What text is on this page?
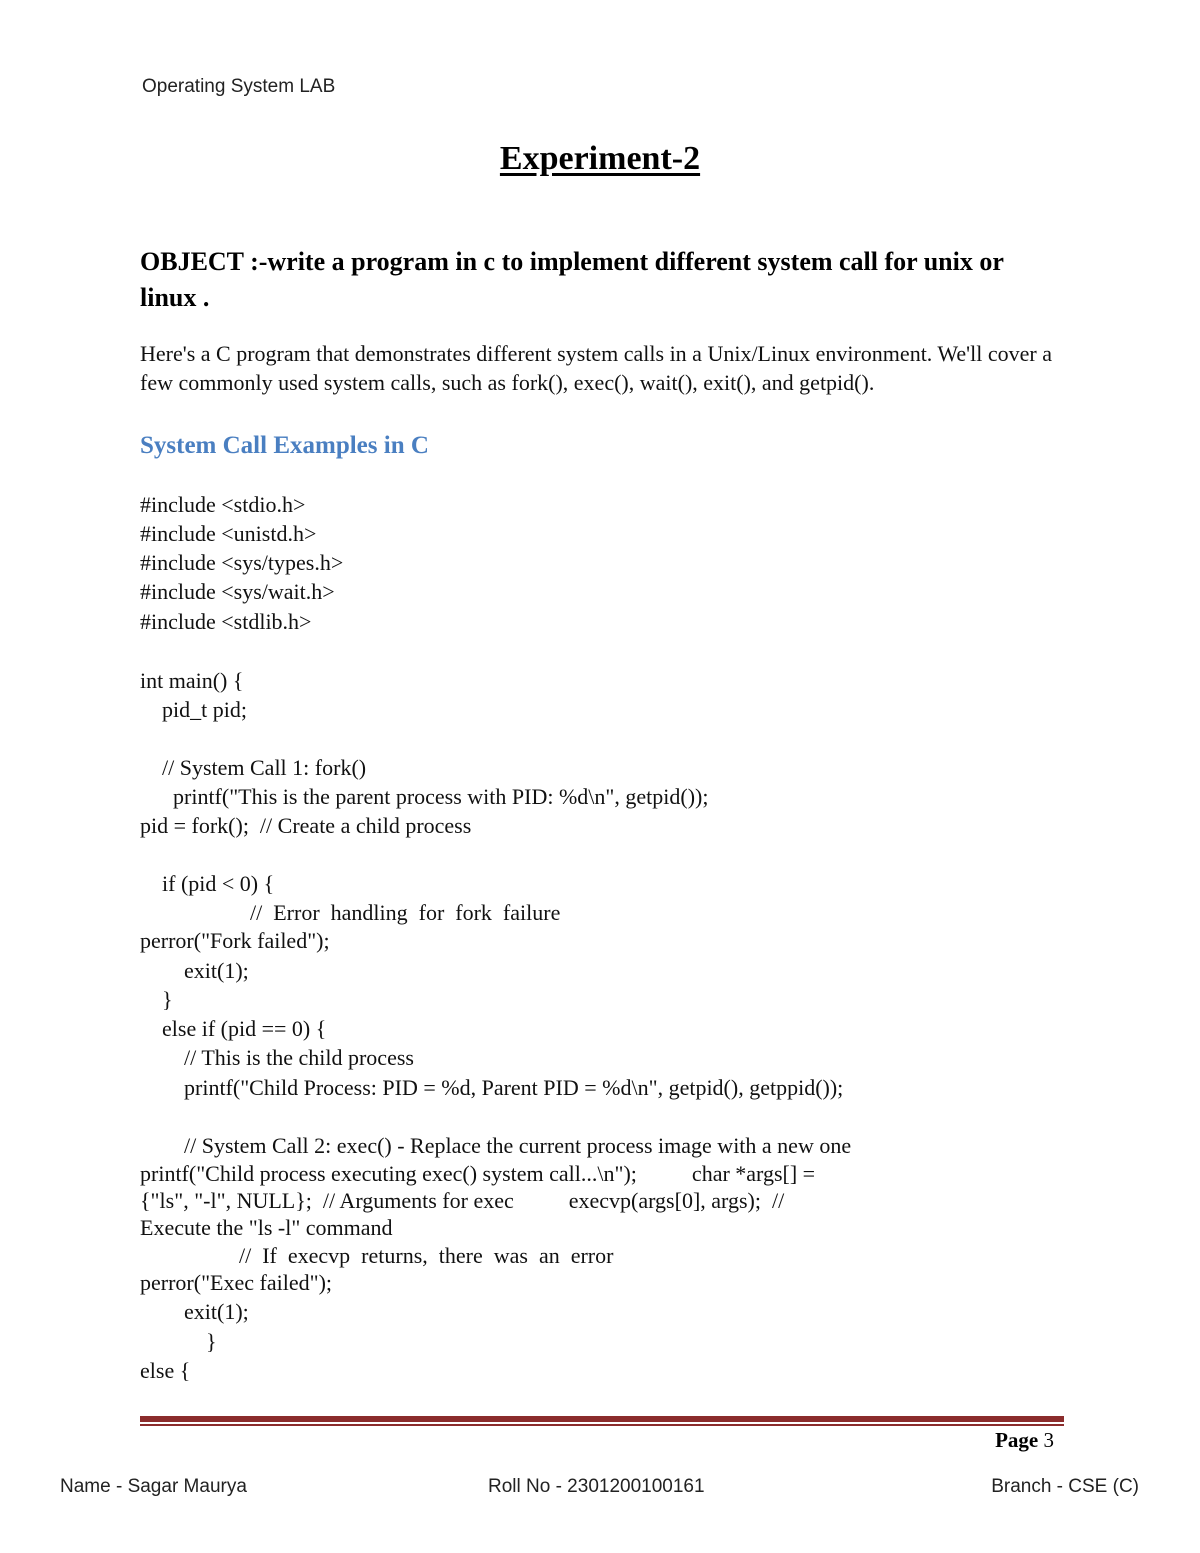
Operating System LAB
Experiment-2
OBJECT :-write a program in c to implement different system call for unix or linux .
Here's a C program that demonstrates different system calls in a Unix/Linux environment. We'll cover a few commonly used system calls, such as fork(), exec(), wait(), exit(), and getpid().
System Call Examples in C
#include <stdio.h>
#include <unistd.h>
#include <sys/types.h>
#include <sys/wait.h>
#include <stdlib.h>
int main() {
pid_t pid;
// System Call 1: fork()
printf("This is the parent process with PID: %d\n", getpid());
pid = fork();  // Create a child process
if (pid < 0) {
//  Error  handling  for  fork  failure
perror("Fork failed");
exit(1);
}
else if (pid == 0) {
// This is the child process
printf("Child Process: PID = %d, Parent PID = %d\n", getpid(), getppid());
// System Call 2: exec() - Replace the current process image with a new one
printf("Child process executing exec() system call...\n");          char *args[] =
{"ls", "-l", NULL};  // Arguments for exec          execvp(args[0], args);  //
Execute the "ls -l" command
//  If  execvp  returns,  there  was  an  error
perror("Exec failed");
exit(1);
}
else {
Page 3
Name - Sagar Maurya	Roll No - 2301200100161	Branch - CSE (C)
